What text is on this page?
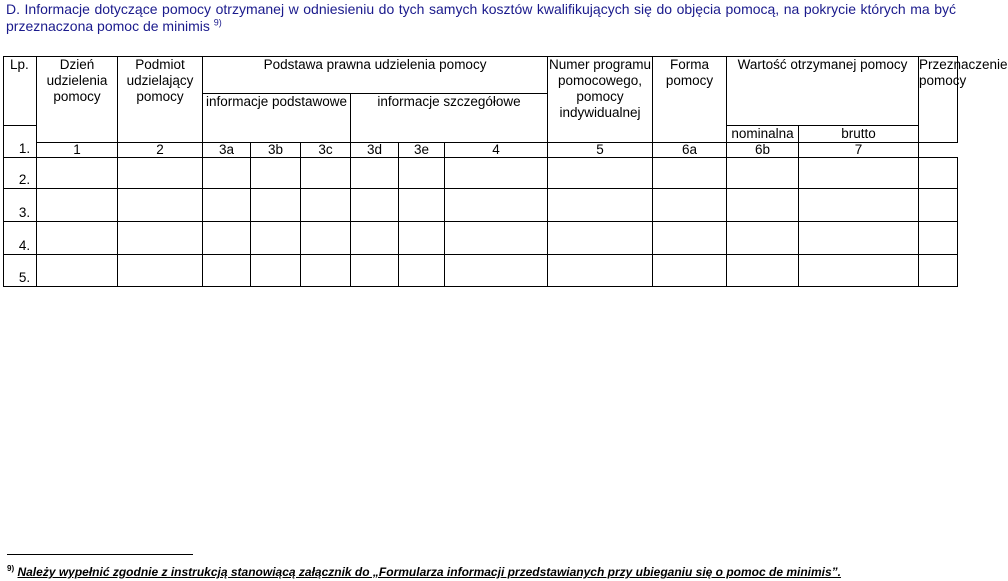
D. Informacje dotyczące pomocy otrzymanej w odniesieniu do tych samych kosztów kwalifikujących się do objęcia pomocą, na pokrycie których ma być przeznaczona pomoc de minimis $^{9)}$
Lp.	Dzień udzielenia pomocy	Podmiot udzielający pomocy	Podstawa prawna udzielenia pomocy						Numer programu pomocowego, pomocy indywidualnej	Forma pomocy	Wartość otrzymanej pomocy		Przeznaczenie pomocy
			informacje podstawowe			informacje szczegółowe							
1.											nominalna	brutto	
	1	2	3a	3b	3c	3d	3e	4	5	6a	6b	7	
2.													
3.													
4.													
5.													
$^{9)}$ Należy wypełnić zgodnie z instrukcją stanowiącą załącznik do „Formularza informacji przedstawianych przy ubieganiu się o pomoc de minimis”.
